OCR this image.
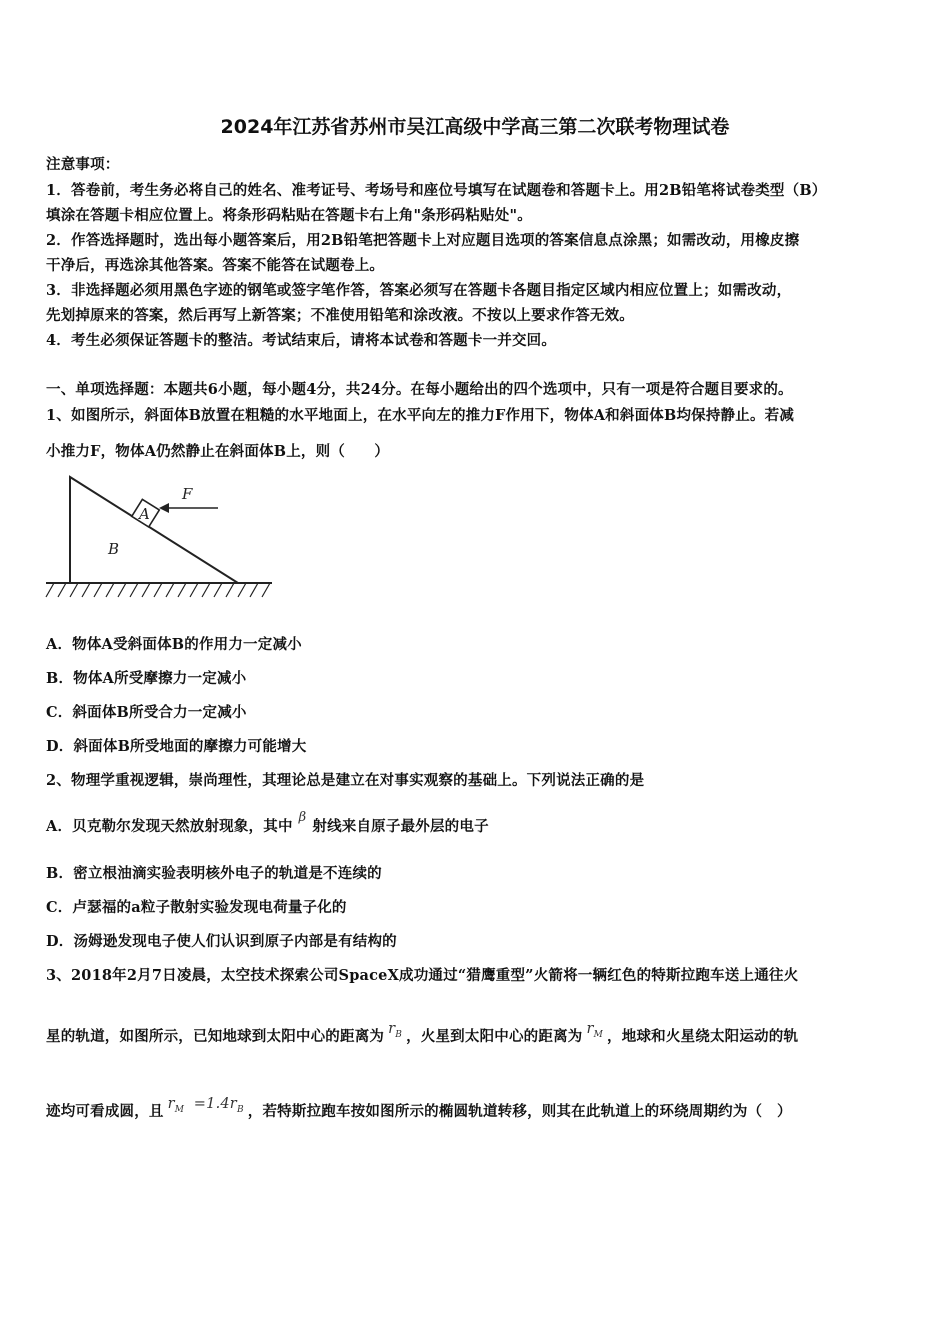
2024年江苏省苏州市吴江高级中学高三第二次联考物理试卷
注意事项：
1．答卷前，考生务必将自己的姓名、准考证号、考场号和座位号填写在试题卷和答题卡上。用2B铅笔将试卷类型（B）
填涂在答题卡相应位置上。将条形码粘贴在答题卡右上角"条形码粘贴处"。
2．作答选择题时，选出每小题答案后，用2B铅笔把答题卡上对应题目选项的答案信息点涂黑；如需改动，用橡皮擦
干净后，再选涂其他答案。答案不能答在试题卷上。
3．非选择题必须用黑色字迹的钢笔或签字笔作答，答案必须写在答题卡各题目指定区域内相应位置上；如需改动，
先划掉原来的答案，然后再写上新答案；不准使用铅笔和涂改液。不按以上要求作答无效。
4．考生必须保证答题卡的整洁。考试结束后，请将本试卷和答题卡一并交回。
一、单项选择题：本题共6小题，每小题4分，共24分。在每小题给出的四个选项中，只有一项是符合题目要求的。
1、如图所示，斜面体B放置在粗糙的水平地面上，在水平向左的推力F作用下，物体A和斜面体B均保持静止。若减
小推力F，物体A仍然静止在斜面体B上，则（　　）
A
B
F
A．物体A受斜面体B的作用力一定减小
B．物体A所受摩擦力一定减小
C．斜面体B所受合力一定减小
D．斜面体B所受地面的摩擦力可能增大
2、物理学重视逻辑，崇尚理性，其理论总是建立在对事实观察的基础上。下列说法正确的是
A．贝克勒尔发现天然放射现象，其中β射线来自原子最外层的电子
B．密立根油滴实验表明核外电子的轨道是不连续的
C．卢瑟福的a粒子散射实验发现电荷量子化的
D．汤姆逊发现电子使人们认识到原子内部是有结构的
3、2018年2月7日凌晨，太空技术探索公司SpaceX成功通过“猎鹰重型”火箭将一辆红色的特斯拉跑车送上通往火
星的轨道，如图所示，已知地球到太阳中心的距离为 $r_B$ ，火星到太阳中心的距离为 $r_M$ ，地球和火星绕太阳运动的轨
迹均可看成圆，且 $r_M =1.4r_B$ ，若特斯拉跑车按如图所示的椭圆轨道转移，则其在此轨道上的环绕周期约为（　）
